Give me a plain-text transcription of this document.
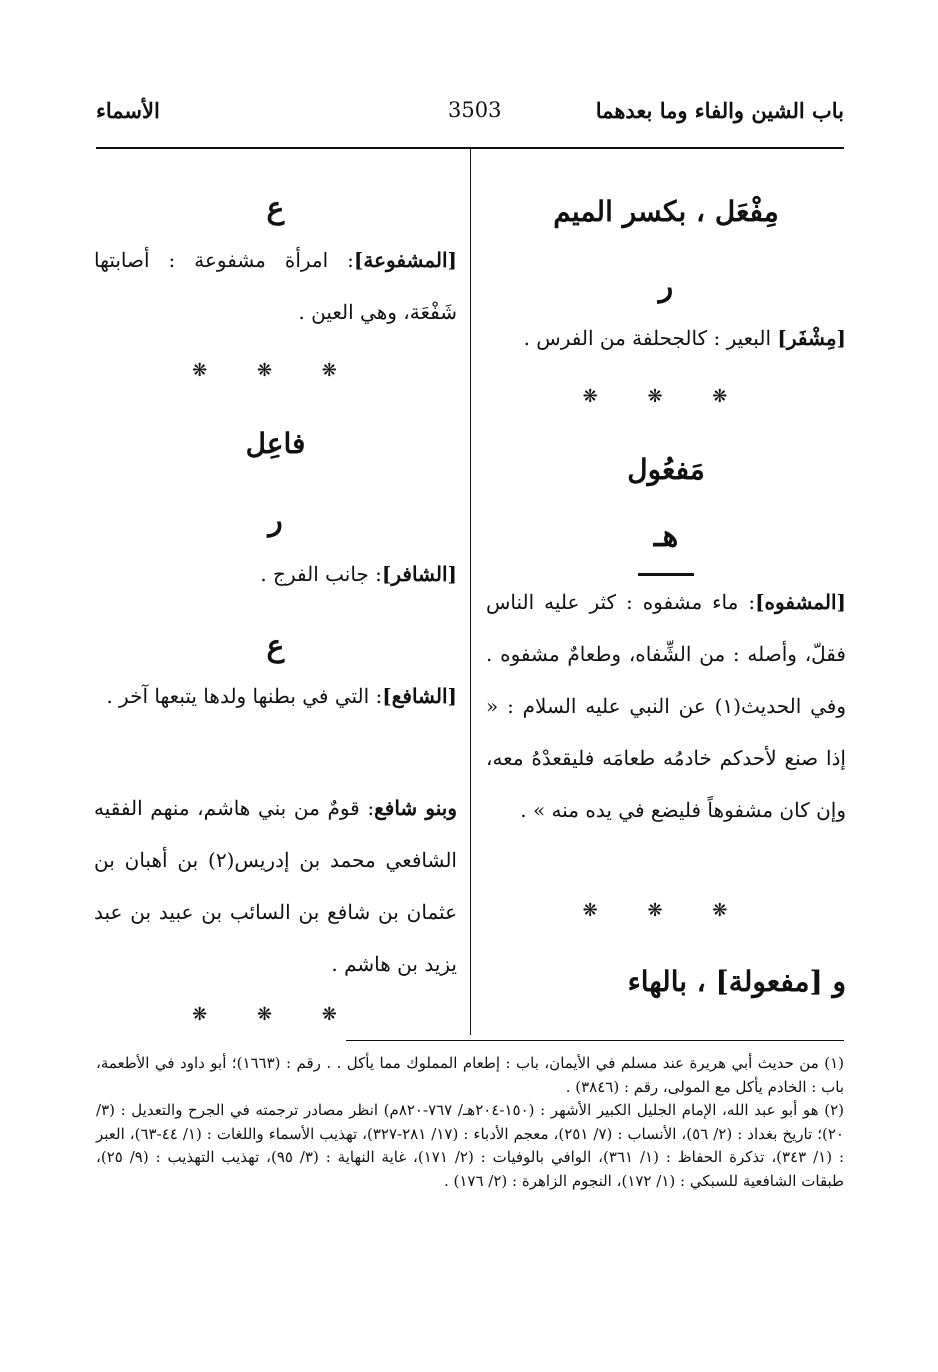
باب الشين والفاء وما بعدهما
3503
الأسماء
مِفْعَل ، بكسر الميم
ر
[مِشْفَر] البعير : كالجحلفة من الفرس .
❋ ❋ ❋
مَفعُول
هـ
[المشفوه]: ماء مشفوه : كثر عليه الناس فقلّ، وأصله : من الشِّفاه، وطعامٌ مشفوه . وفي الحديث(١) عن النبي عليه السلام : « إذا صنع لأحدكم خادمُه طعامَه فليقعدْهُ معه، وإن كان مشفوهاً فليضع في يده منه » .
❋ ❋ ❋
و [مفعولة] ، بالهاء
ع
[المشفوعة]: امرأة مشفوعة : أصابتها شَفْعَة، وهي العين .
❋ ❋ ❋
فاعِل
ر
[الشافر]: جانب الفرج .
ع
[الشافع]: التي في بطنها ولدها يتبعها آخر .
وبنو شافع: قومٌ من بني هاشم، منهم الفقيه الشافعي محمد بن إدريس(٢) بن أهبان بن عثمان بن شافع بن السائب بن عبيد بن عبد يزيد بن هاشم .
❋ ❋ ❋

(١) من حديث أبي هريرة عند مسلم في الأيمان، باب : إطعام المملوك مما يأكل . . رقم : (١٦٦٣)؛ أبو داود في الأطعمة، باب : الخادم يأكل مع المولى، رقم : (٣٨٤٦) .

(٢) هو أبو عبد الله، الإمام الجليل الكبير الأشهر : (١٥٠-٢٠٤هـ/ ٧٦٧-٨٢٠م) انظر مصادر ترجمته في الجرح والتعديل : (٣/ ٢٠)؛ تاريخ بغداد : (٢/ ٥٦)، الأنساب : (٧/ ٢٥١)، معجم الأدباء : (١٧/ ٢٨١-٣٢٧)، تهذيب الأسماء واللغات : (١/ ٤٤-٦٣)، العبر : (١/ ٣٤٣)، تذكرة الحفاظ : (١/ ٣٦١)، الوافي بالوفيات : (٢/ ١٧١)، غاية النهاية : (٣/ ٩٥)، تهذيب التهذيب : (٩/ ٢٥)، طبقات الشافعية للسبكي : (١/ ١٧٢)، النجوم الزاهرة : (٢/ ١٧٦) .
